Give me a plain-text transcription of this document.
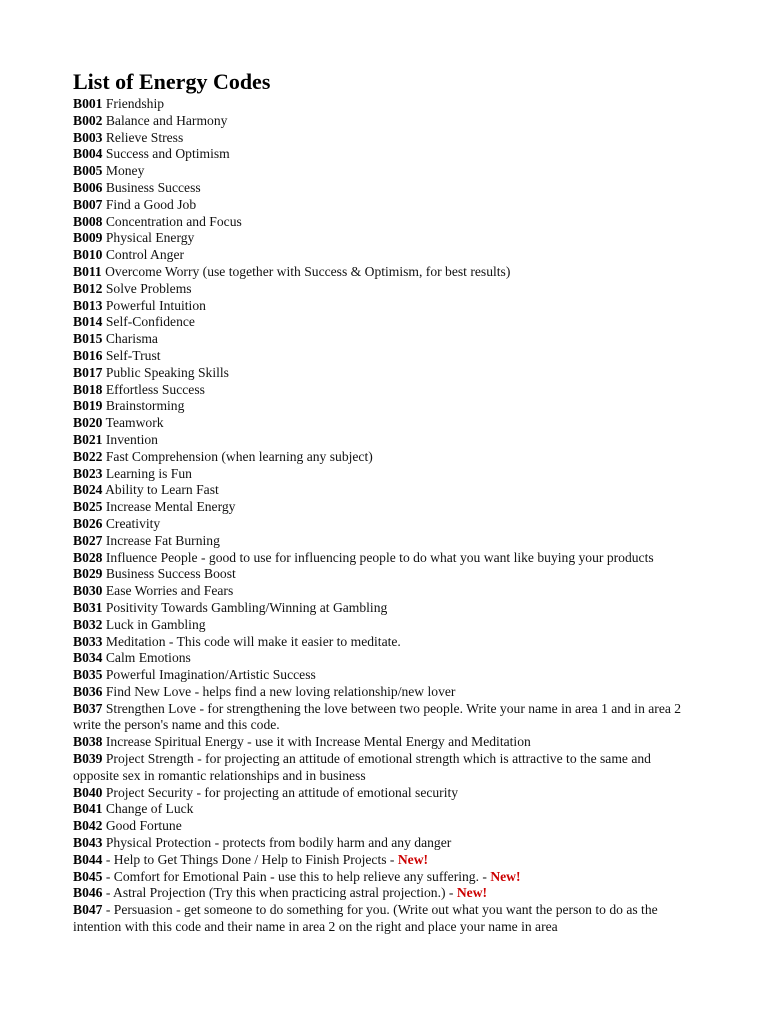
List of Energy Codes
B001 Friendship
B002 Balance and Harmony
B003 Relieve Stress
B004 Success and Optimism
B005 Money
B006 Business Success
B007 Find a Good Job
B008 Concentration and Focus
B009 Physical Energy
B010 Control Anger
B011 Overcome Worry (use together with Success & Optimism, for best results)
B012 Solve Problems
B013 Powerful Intuition
B014 Self-Confidence
B015 Charisma
B016 Self-Trust
B017 Public Speaking Skills
B018 Effortless Success
B019 Brainstorming
B020 Teamwork
B021 Invention
B022 Fast Comprehension (when learning any subject)
B023 Learning is Fun
B024 Ability to Learn Fast
B025 Increase Mental Energy
B026 Creativity
B027 Increase Fat Burning
B028 Influence People - good to use for influencing people to do what you want like buying your products
B029 Business Success Boost
B030 Ease Worries and Fears
B031 Positivity Towards Gambling/Winning at Gambling
B032 Luck in Gambling
B033 Meditation - This code will make it easier to meditate.
B034 Calm Emotions
B035 Powerful Imagination/Artistic Success
B036 Find New Love - helps find a new loving relationship/new lover
B037 Strengthen Love - for strengthening the love between two people. Write your name in area 1 and in area 2 write the person's name and this code.
B038 Increase Spiritual Energy - use it with Increase Mental Energy and Meditation
B039 Project Strength - for projecting an attitude of emotional strength which is attractive to the same and opposite sex in romantic relationships and in business
B040 Project Security - for projecting an attitude of emotional security
B041 Change of Luck
B042 Good Fortune
B043 Physical Protection - protects from bodily harm and any danger
B044 - Help to Get Things Done / Help to Finish Projects - New!
B045 - Comfort for Emotional Pain - use this to help relieve any suffering. - New!
B046 - Astral Projection (Try this when practicing astral projection.) - New!
B047 - Persuasion - get someone to do something for you. (Write out what you want the person to do as the intention with this code and their name in area 2 on the right and place your name in area
